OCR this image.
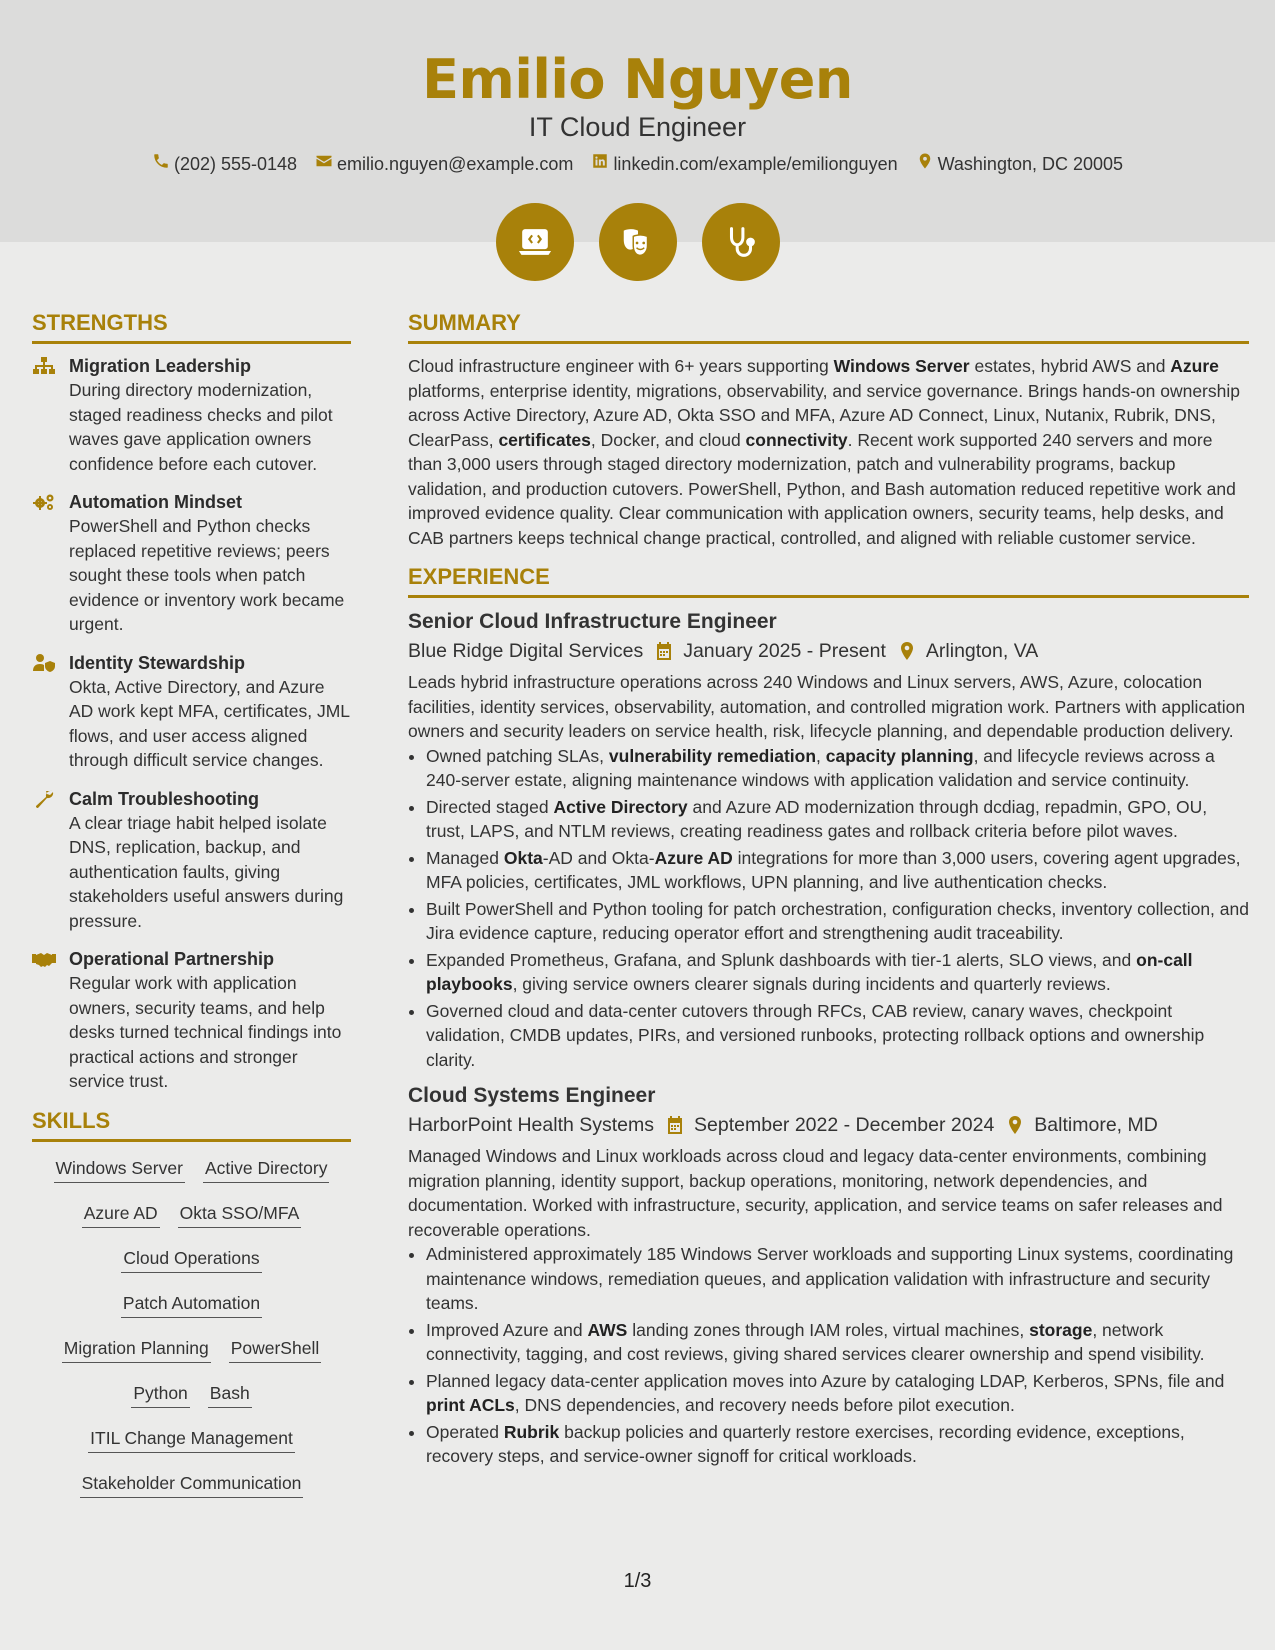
Emilio Nguyen
IT Cloud Engineer
(202) 555-0148 emilio.nguyen@example.com linkedin.com/example/emilionguyen Washington, DC 20005
STRENGTHS
Migration Leadership
During directory modernization, staged readiness checks and pilot waves gave application owners confidence before each cutover.
Automation Mindset
PowerShell and Python checks replaced repetitive reviews; peers sought these tools when patch evidence or inventory work became urgent.
Identity Stewardship
Okta, Active Directory, and Azure AD work kept MFA, certificates, JML flows, and user access aligned through difficult service changes.
Calm Troubleshooting
A clear triage habit helped isolate DNS, replication, backup, and authentication faults, giving stakeholders useful answers during pressure.
Operational Partnership
Regular work with application owners, security teams, and help desks turned technical findings into practical actions and stronger service trust.
SKILLS
Windows Server Active Directory
Azure AD Okta SSO/MFA
Cloud Operations
Patch Automation
Migration Planning PowerShell
Python Bash
ITIL Change Management
Stakeholder Communication
SUMMARY

Cloud infrastructure engineer with 6+ years supporting Windows Server estates, hybrid AWS and Azure platforms, enterprise identity, migrations, observability, and service governance. Brings hands-on ownership across Active Directory, Azure AD, Okta SSO and MFA, Azure AD Connect, Linux, Nutanix, Rubrik, DNS, ClearPass, certificates, Docker, and cloud connectivity. Recent work supported 240 servers and more than 3,000 users through staged directory modernization, patch and vulnerability programs, backup validation, and production cutovers. PowerShell, Python, and Bash automation reduced repetitive work and improved evidence quality. Clear communication with application owners, security teams, help desks, and CAB partners keeps technical change practical, controlled, and aligned with reliable customer service.

EXPERIENCE
Senior Cloud Infrastructure Engineer
Blue Ridge Digital Services January 2025 - Present Arlington, VA
Leads hybrid infrastructure operations across 240 Windows and Linux servers, AWS, Azure, colocation facilities, identity services, observability, automation, and controlled migration work. Partners with application owners and security leaders on service health, risk, lifecycle planning, and dependable production delivery.
• Owned patching SLAs, vulnerability remediation, capacity planning, and lifecycle reviews across a 240-server estate, aligning maintenance windows with application validation and service continuity.
• Directed staged Active Directory and Azure AD modernization through dcdiag, repadmin, GPO, OU, trust, LAPS, and NTLM reviews, creating readiness gates and rollback criteria before pilot waves.
• Managed Okta-AD and Okta-Azure AD integrations for more than 3,000 users, covering agent upgrades, MFA policies, certificates, JML workflows, UPN planning, and live authentication checks.
• Built PowerShell and Python tooling for patch orchestration, configuration checks, inventory collection, and Jira evidence capture, reducing operator effort and strengthening audit traceability.
• Expanded Prometheus, Grafana, and Splunk dashboards with tier-1 alerts, SLO views, and on-call playbooks, giving service owners clearer signals during incidents and quarterly reviews.
• Governed cloud and data-center cutovers through RFCs, CAB review, canary waves, checkpoint validation, CMDB updates, PIRs, and versioned runbooks, protecting rollback options and ownership clarity.
Cloud Systems Engineer
HarborPoint Health Systems September 2022 - December 2024 Baltimore, MD
Managed Windows and Linux workloads across cloud and legacy data-center environments, combining migration planning, identity support, backup operations, monitoring, network dependencies, and documentation. Worked with infrastructure, security, application, and service teams on safer releases and recoverable operations.
• Administered approximately 185 Windows Server workloads and supporting Linux systems, coordinating maintenance windows, remediation queues, and application validation with infrastructure and security teams.
• Improved Azure and AWS landing zones through IAM roles, virtual machines, storage, network connectivity, tagging, and cost reviews, giving shared services clearer ownership and spend visibility.
• Planned legacy data-center application moves into Azure by cataloging LDAP, Kerberos, SPNs, file and print ACLs, DNS dependencies, and recovery needs before pilot execution.
• Operated Rubrik backup policies and quarterly restore exercises, recording evidence, exceptions, recovery steps, and service-owner signoff for critical workloads.
1/3
